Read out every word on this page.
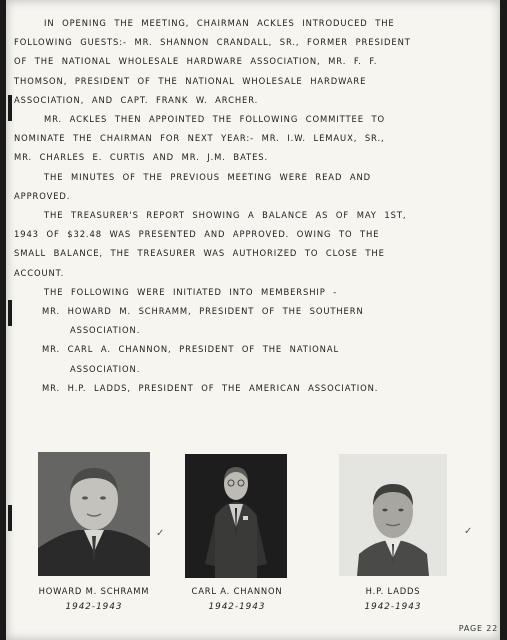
IN OPENING THE MEETING, CHAIRMAN ACKLES INTRODUCED THE

FOLLOWING GUESTS:- MR. SHANNON CRANDALL, SR., FORMER PRESIDENT

OF THE NATIONAL WHOLESALE HARDWARE ASSOCIATION, MR. F. F.

THOMSON, PRESIDENT OF THE NATIONAL WHOLESALE HARDWARE

ASSOCIATION, AND CAPT. FRANK W. ARCHER.

MR. ACKLES THEN APPOINTED THE FOLLOWING COMMITTEE TO

NOMINATE THE CHAIRMAN FOR NEXT YEAR:- MR. I.W. LEMAUX, SR.,

MR. CHARLES E. CURTIS AND MR. J.M. BATES.

THE MINUTES OF THE PREVIOUS MEETING WERE READ AND

APPROVED.

THE TREASURER'S REPORT SHOWING A BALANCE AS OF MAY 1ST,

1943 OF $32.48 WAS PRESENTED AND APPROVED. OWING TO THE

SMALL BALANCE, THE TREASURER WAS AUTHORIZED TO CLOSE THE

ACCOUNT.

THE FOLLOWING WERE INITIATED INTO MEMBERSHIP -

MR. HOWARD M. SCHRAMM, PRESIDENT OF THE SOUTHERN

ASSOCIATION.

MR. CARL A. CHANNON, PRESIDENT OF THE NATIONAL

ASSOCIATION.

MR. H.P. LADDS, PRESIDENT OF THE AMERICAN ASSOCIATION.

HOWARD M. SCHRAMM
1942-1943
CARL A. CHANNON
1942-1943
H.P. LADDS
1942-1943
✓	✓
PAGE 22
